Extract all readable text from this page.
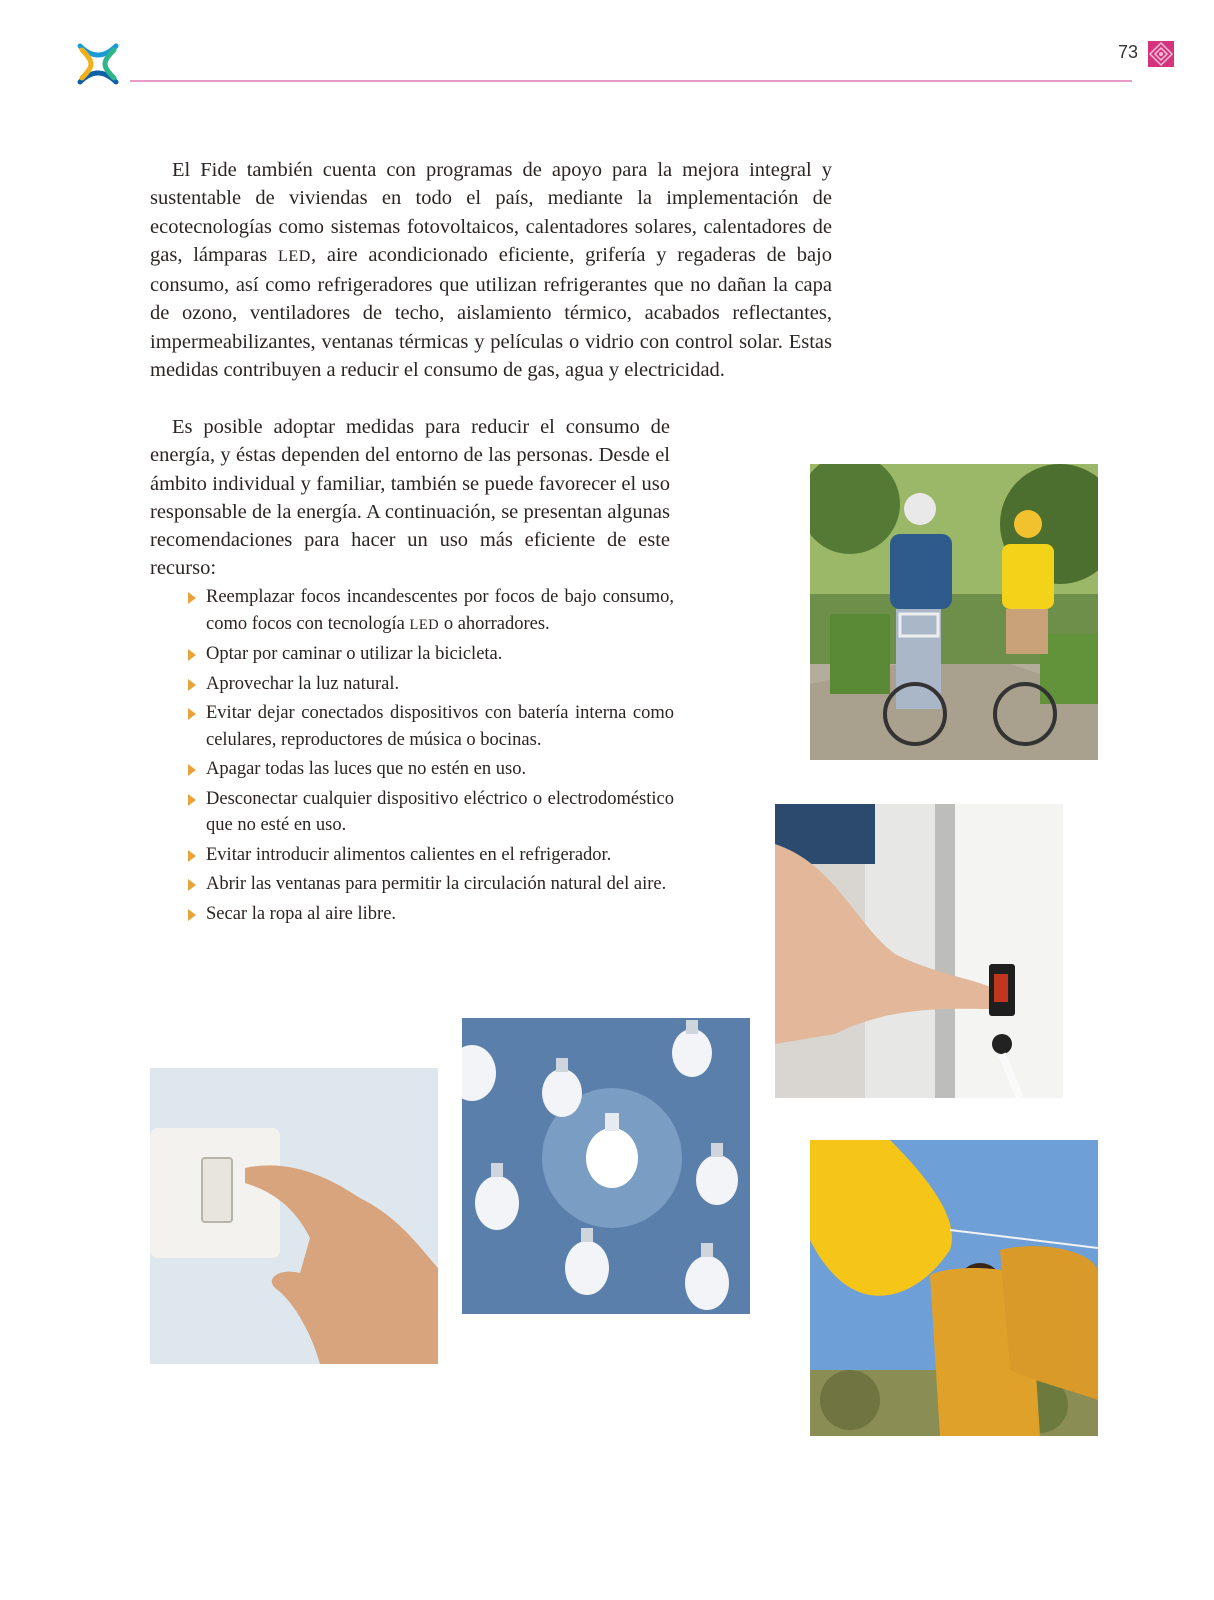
73

El Fide también cuenta con programas de apoyo para la mejora integral y sustentable de viviendas en todo el país, mediante la implementación de ecotecnologías como sistemas fotovoltaicos, calentadores solares, calentadores de gas, lámparas LED, aire acondicionado eficiente, grifería y regaderas de bajo consumo, así como refrigeradores que utilizan refrigerantes que no dañan la capa de ozono, ventiladores de techo, aislamiento térmico, acabados reflectantes, impermeabilizantes, ventanas térmicas y películas o vidrio con control solar. Estas medidas contribuyen a reducir el consumo de gas, agua y electricidad.

Es posible adoptar medidas para reducir el consumo de energía, y éstas dependen del entorno de las personas. Desde el ámbito individual y familiar, también se puede favorecer el uso responsable de la energía. A continuación, se presentan algunas recomendaciones para hacer un uso más eficiente de este recurso:

Reemplazar focos incandescentes por focos de bajo consumo, como focos con tecnología LED o ahorradores.
Optar por caminar o utilizar la bicicleta.
Aprovechar la luz natural.
Evitar dejar conectados dispositivos con batería interna como celulares, reproductores de música o bocinas.
Apagar todas las luces que no estén en uso.
Desconectar cualquier dispositivo eléctrico o electrodoméstico que no esté en uso.
Evitar introducir alimentos calientes en el refrigerador.
Abrir las ventanas para permitir la circulación natural del aire.
Secar la ropa al aire libre.
